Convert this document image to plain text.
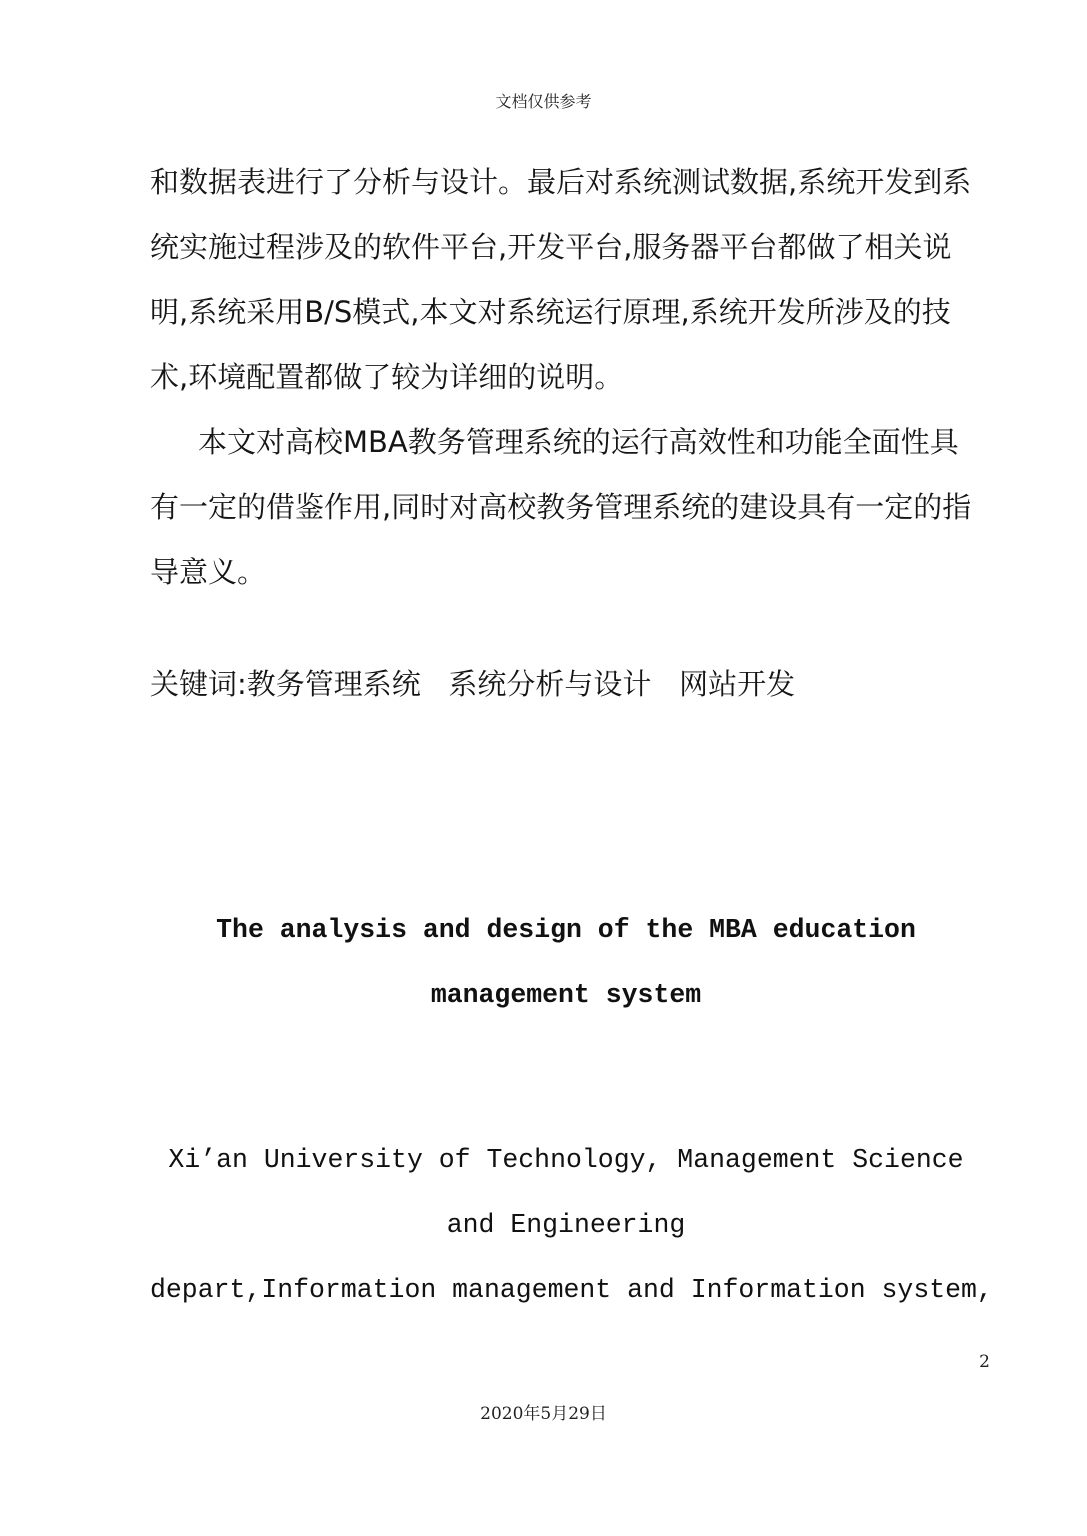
文档仅供参考

和数据表进行了分析与设计。最后对系统测试数据,系统开发到系统实施过程涉及的软件平台,开发平台,服务器平台都做了相关说明,系统采用B/S模式,本文对系统运行原理,系统开发所涉及的技术,环境配置都做了较为详细的说明。

本文对高校MBA教务管理系统的运行高效性和功能全面性具有一定的借鉴作用,同时对高校教务管理系统的建设具有一定的指导意义。

关键词:教务管理系统   系统分析与设计   网站开发

The analysis and design of the MBA education management system

Xi’an University of Technology, Management Science and Engineering

depart,Information management and Information system,

2
2020年5月29日
